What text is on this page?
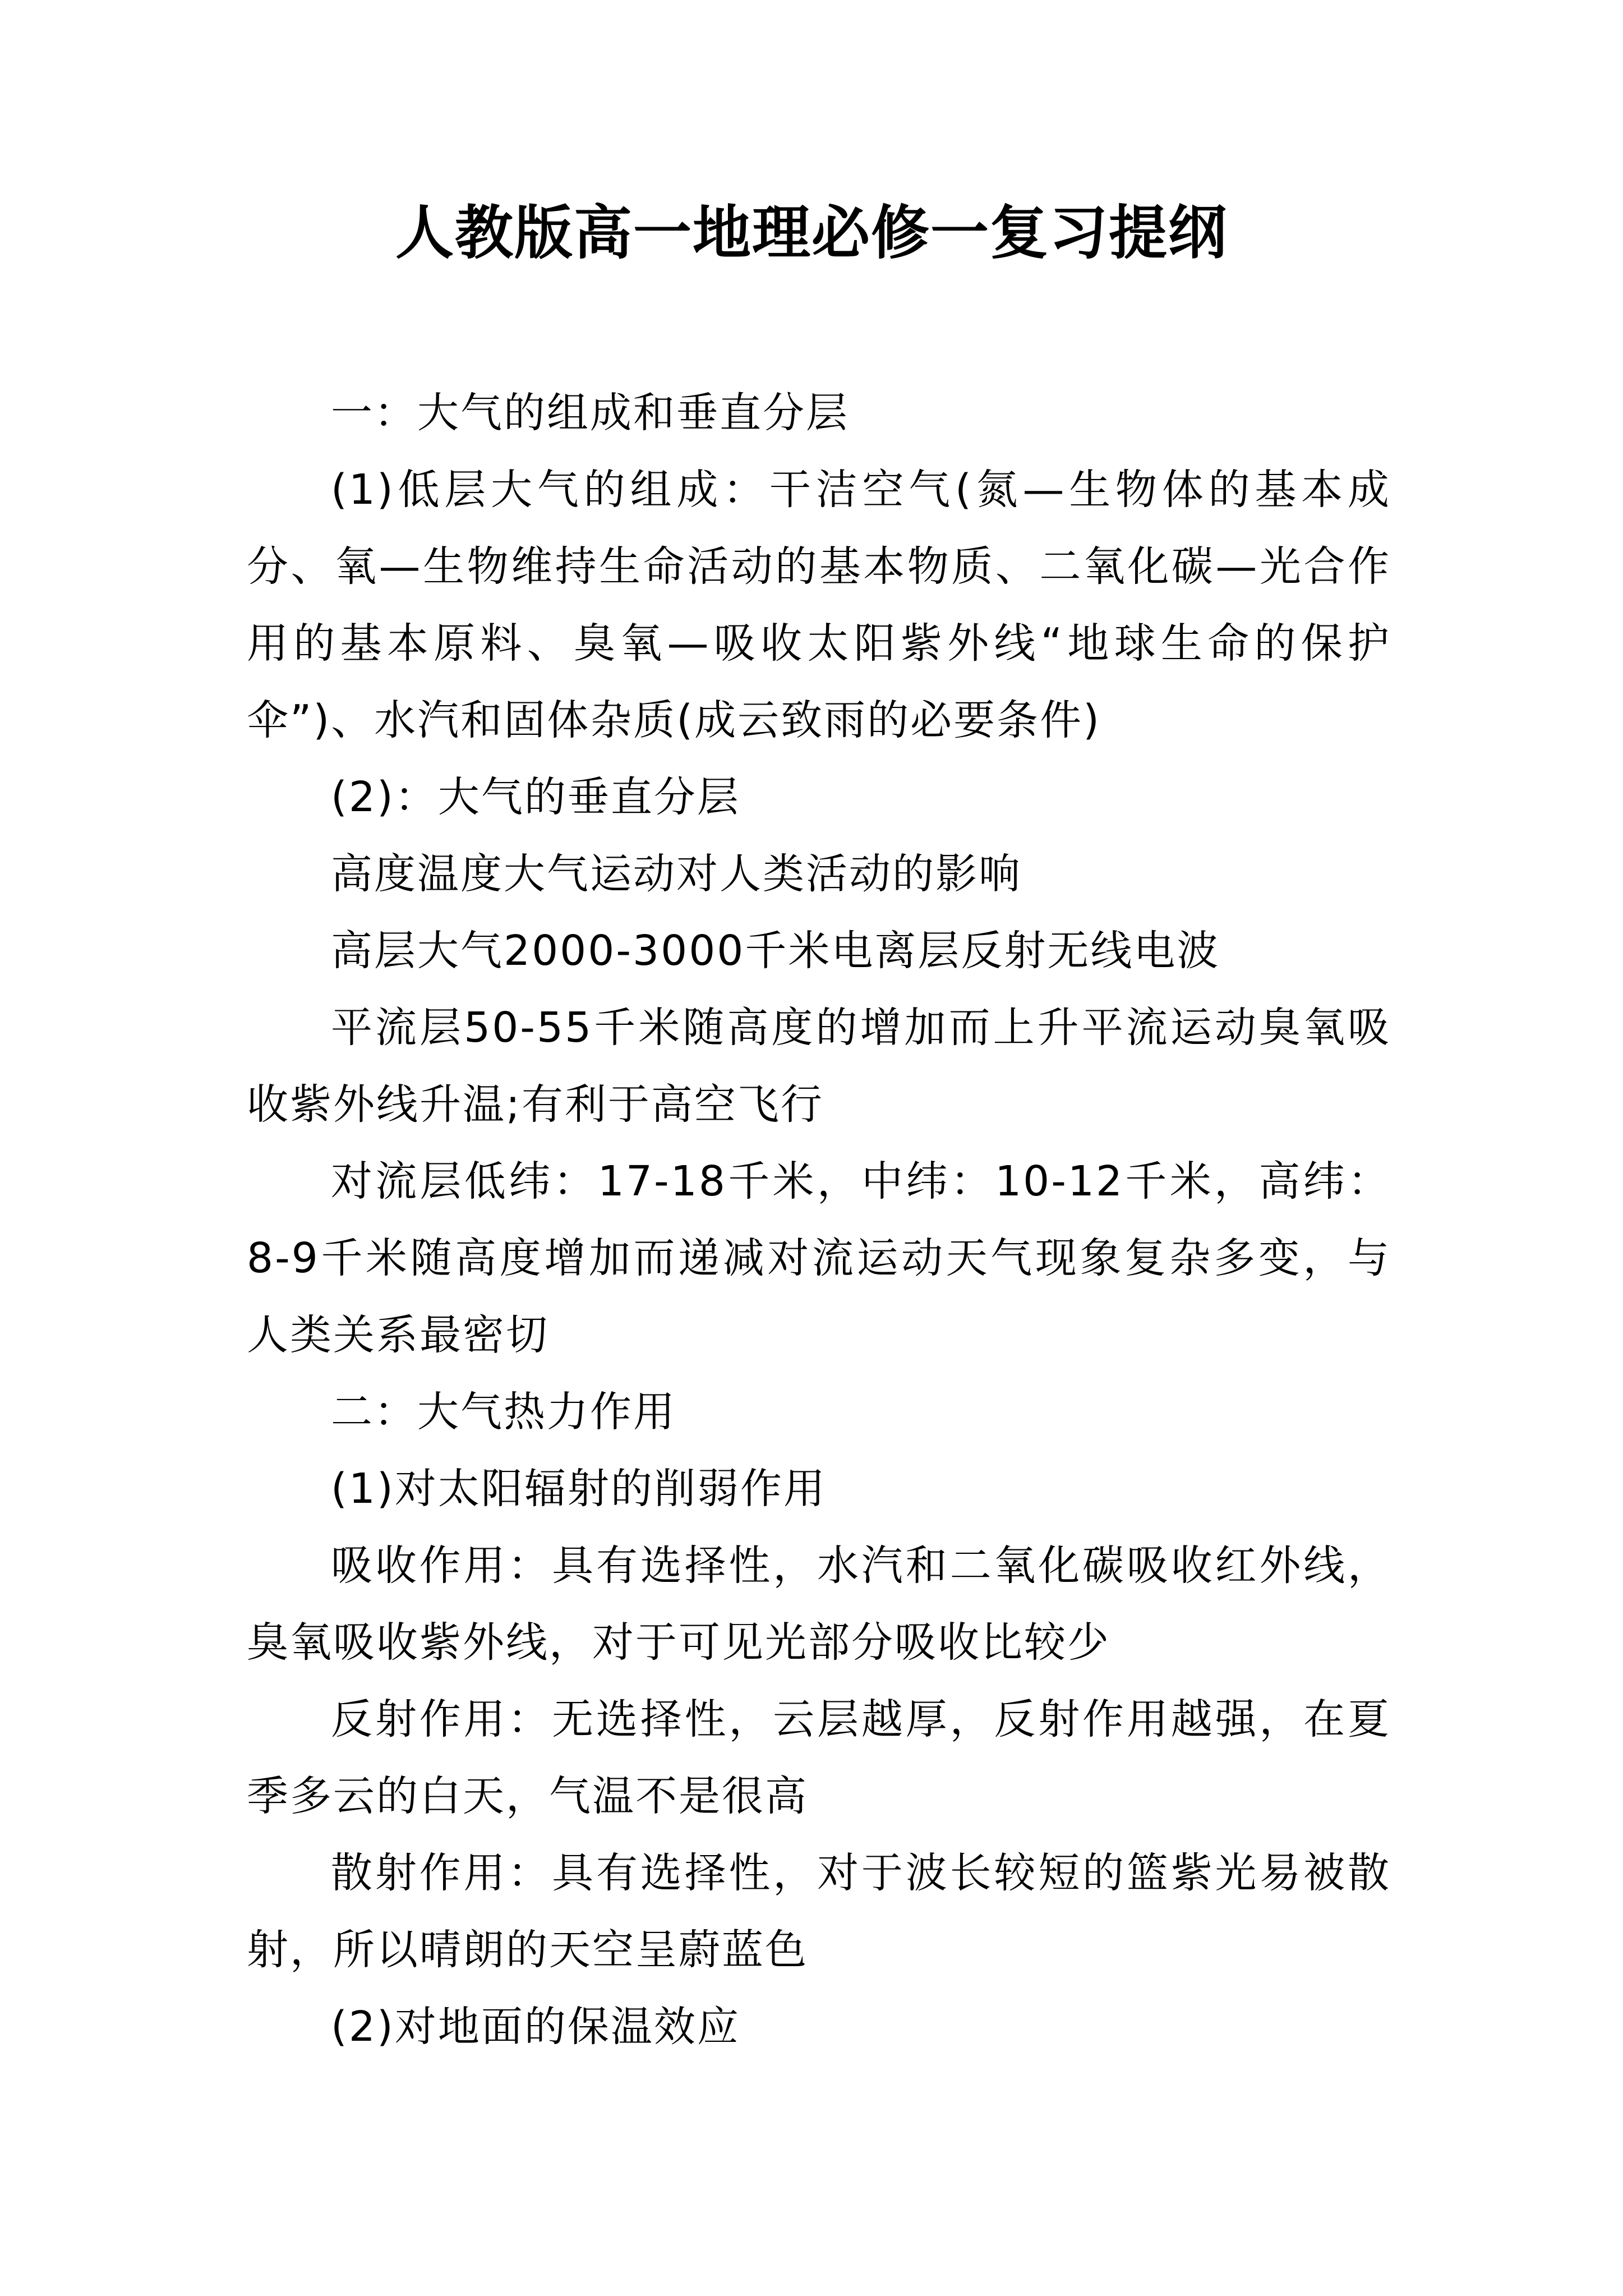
人教版高一地理必修一复习提纲

一：大气的组成和垂直分层

(1)低层大气的组成：干洁空气(氮—生物体的基本成分、氧—生物维持生命活动的基本物质、二氧化碳—光合作用的基本原料、臭氧—吸收太阳紫外线“地球生命的保护伞”)、水汽和固体杂质(成云致雨的必要条件)

(2)：大气的垂直分层

高度温度大气运动对人类活动的影响

高层大气2000-3000千米电离层反射无线电波

平流层50-55千米随高度的增加而上升平流运动臭氧吸收紫外线升温;有利于高空飞行

对流层低纬：17-18千米，中纬：10-12千米，高纬：8-9千米随高度增加而递减对流运动天气现象复杂多变，与人类关系最密切

二：大气热力作用

(1)对太阳辐射的削弱作用

吸收作用：具有选择性，水汽和二氧化碳吸收红外线，臭氧吸收紫外线，对于可见光部分吸收比较少

反射作用：无选择性，云层越厚，反射作用越强，在夏季多云的白天，气温不是很高

散射作用：具有选择性，对于波长较短的篮紫光易被散射，所以晴朗的天空呈蔚蓝色

(2)对地面的保温效应
